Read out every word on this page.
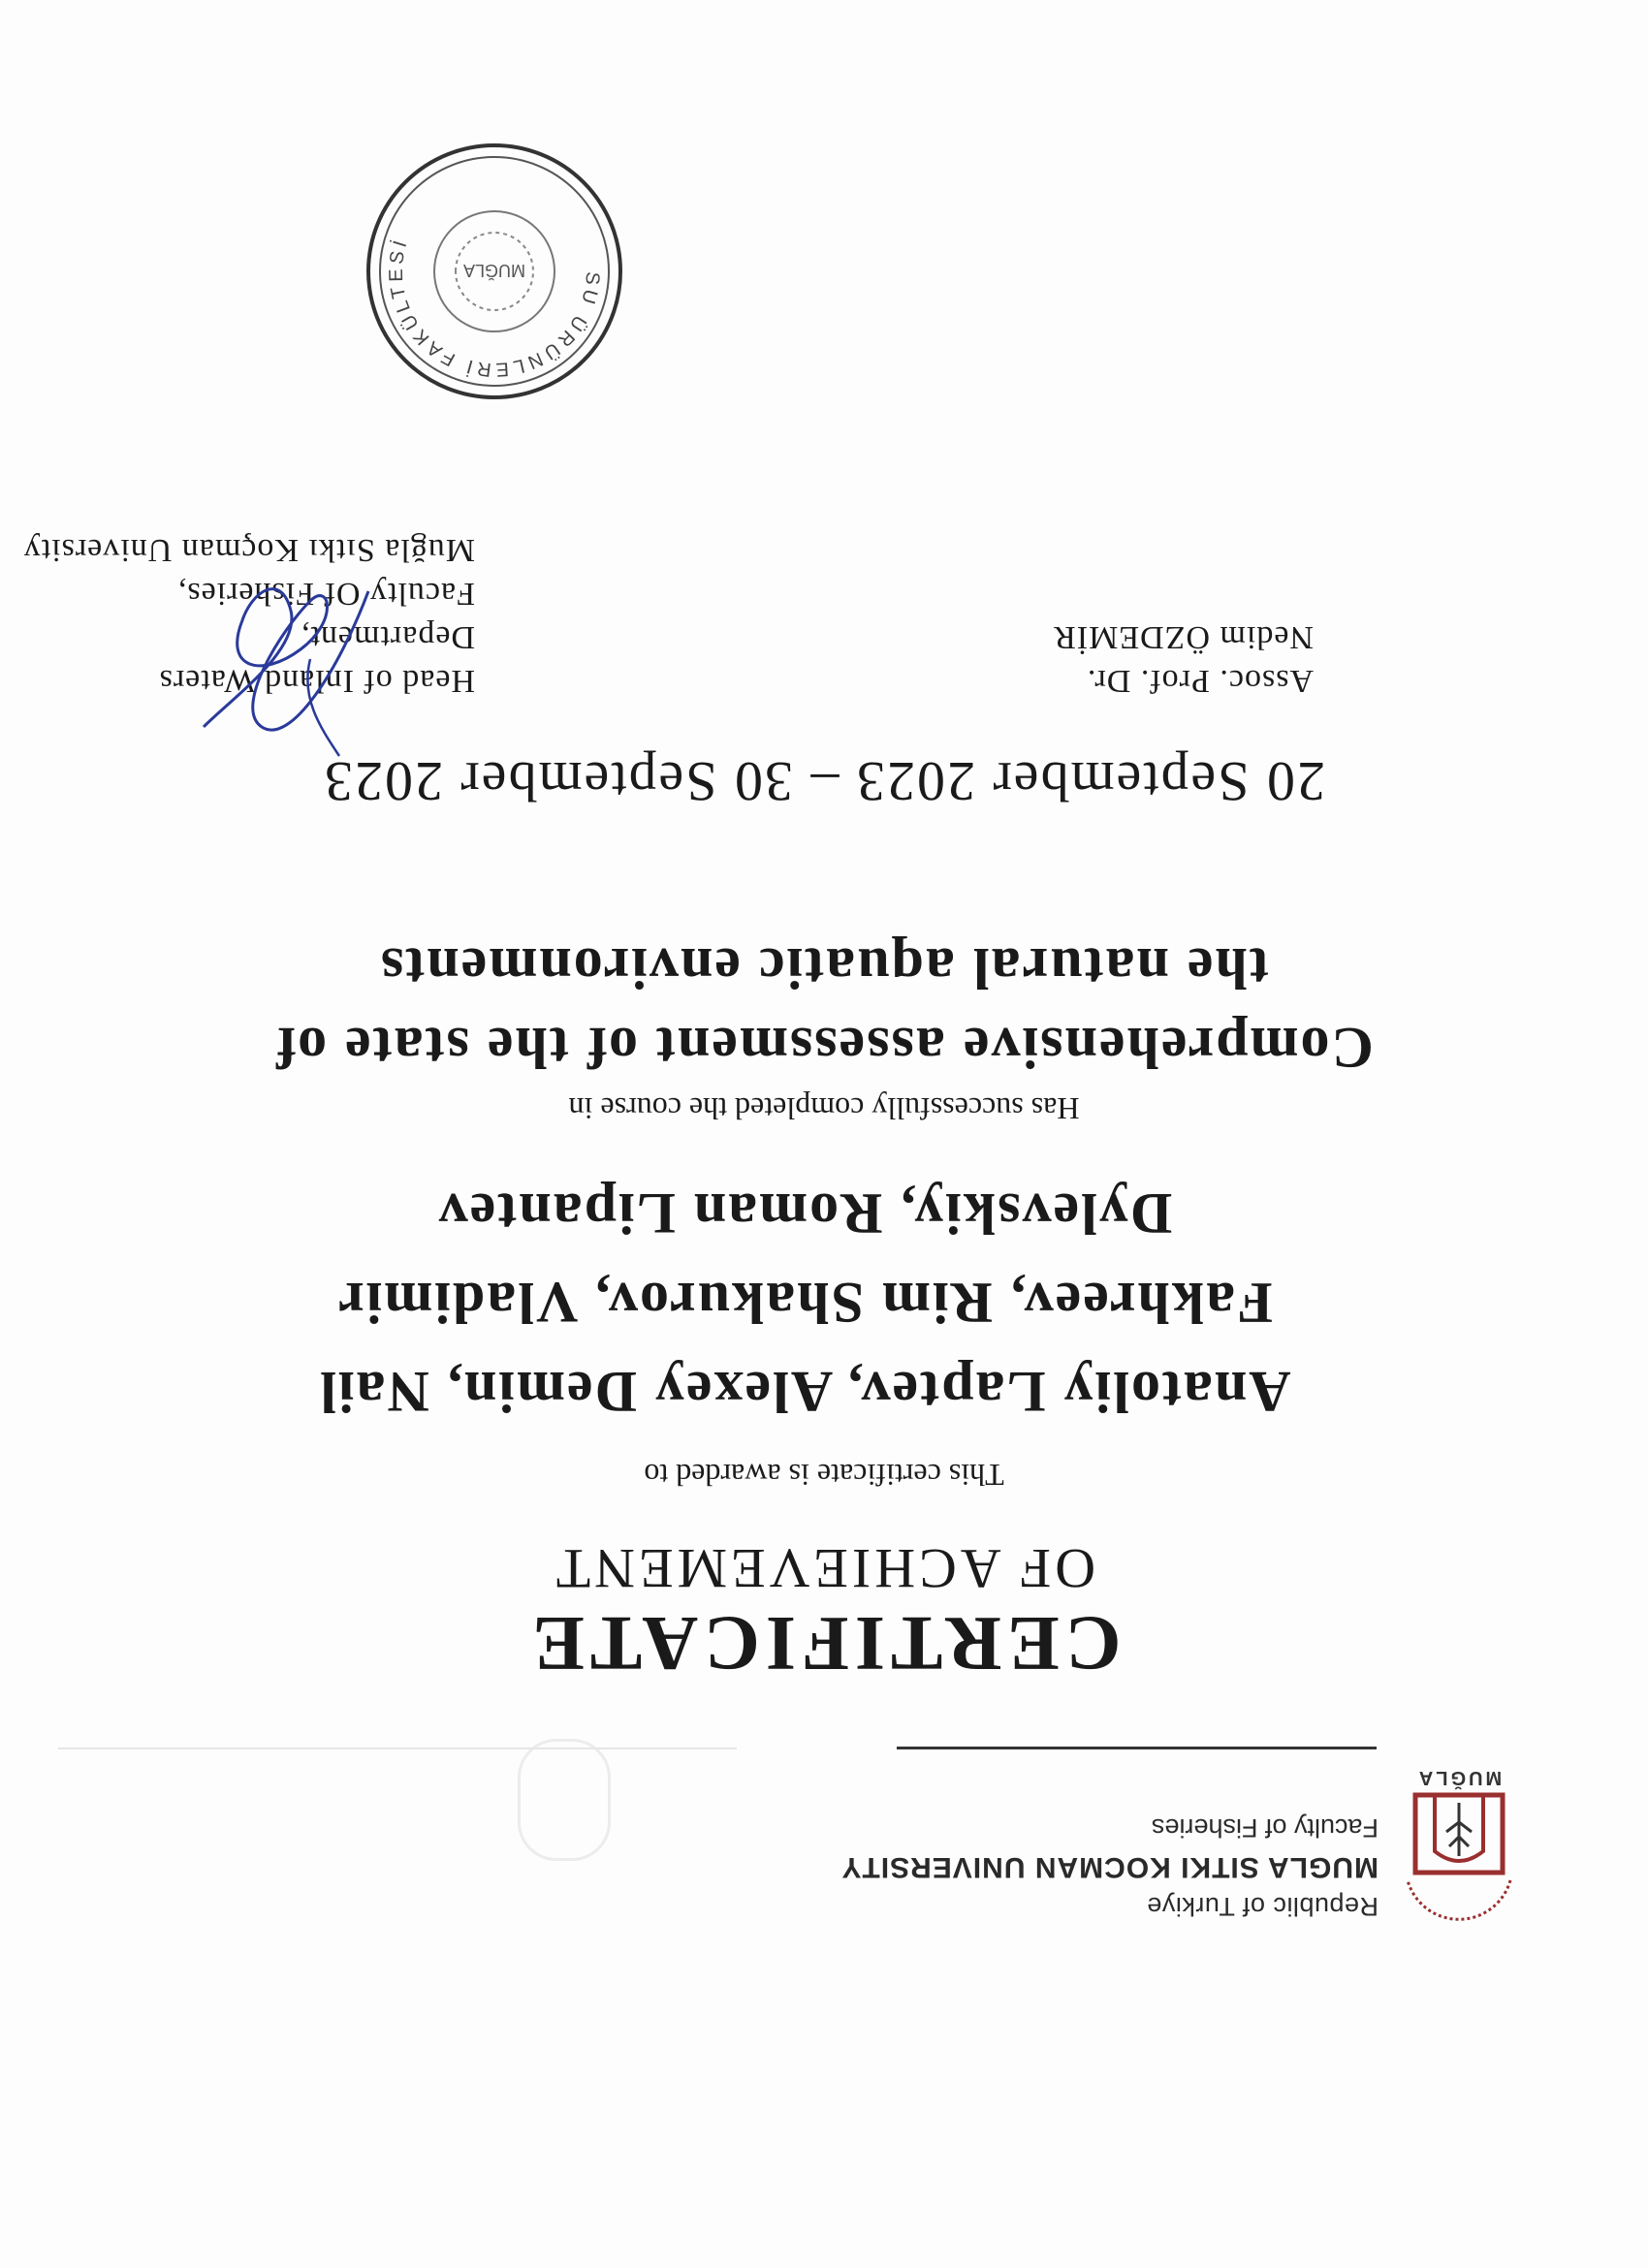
MUĞLA
Republic of Turkiye
MUGLA SITKI KOCMAN UNIVERSITY
Faculty of Fisheries
CERTIFICATE
OF ACHIEVEMENT
This certificate is awarded to
Anatoliy Laptev, Alexey Demin, Nail Fakhreev, Rim Shakurov, Vladimir Dylevskiy, Roman Lipantev
Has successfully completed the course in
Comprehensive assessment of the state of the natural aquatic environments
20 September 2023 – 30 September 2023
Assoc. Prof. Dr.
Nedim ÖZDEMİR
Head of Inland Waters Department,
Faculty Of Fisheries,
Muğla Sıtkı Koçman University
SU ÜRÜNLERİ FAKÜLTESİ
MUĞLA
